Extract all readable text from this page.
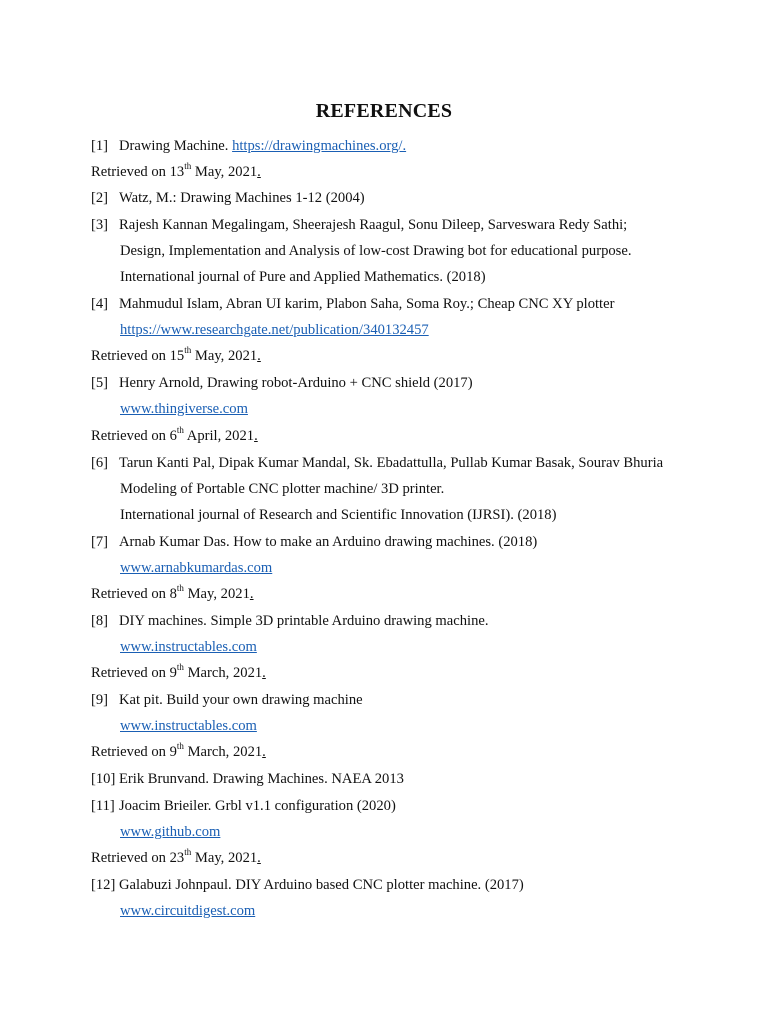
REFERENCES
[1] Drawing Machine. https://drawingmachines.org/.
Retrieved on 13th May, 2021.
[2] Watz, M.: Drawing Machines 1-12 (2004)
[3] Rajesh Kannan Megalingam, Sheerajesh Raagul, Sonu Dileep, Sarveswara Redy Sathi;
Design, Implementation and Analysis of low-cost Drawing bot for educational purpose.
International journal of Pure and Applied Mathematics. (2018)
[4] Mahmudul Islam, Abran UI karim, Plabon Saha, Soma Roy.; Cheap CNC XY plotter
https://www.researchgate.net/publication/340132457
Retrieved on 15th May, 2021.
[5] Henry Arnold, Drawing robot-Arduino + CNC shield (2017)
www.thingiverse.com
Retrieved on 6th April, 2021.
[6] Tarun Kanti Pal, Dipak Kumar Mandal, Sk. Ebadattulla, Pullab Kumar Basak, Sourav Bhuria
Modeling of Portable CNC plotter machine/ 3D printer.
International journal of Research and Scientific Innovation (IJRSI). (2018)
[7] Arnab Kumar Das. How to make an Arduino drawing machines. (2018)
www.arnabkumardas.com
Retrieved on 8th May, 2021.
[8] DIY machines. Simple 3D printable Arduino drawing machine.
www.instructables.com
Retrieved on 9th March, 2021.
[9] Kat pit. Build your own drawing machine
www.instructables.com
Retrieved on 9th March, 2021.
[10] Erik Brunvand. Drawing Machines. NAEA 2013
[11] Joacim Brieiler. Grbl v1.1 configuration (2020)
www.github.com
Retrieved on 23th May, 2021.
[12] Galabuzi Johnpaul. DIY Arduino based CNC plotter machine. (2017)
www.circuitdigest.com
